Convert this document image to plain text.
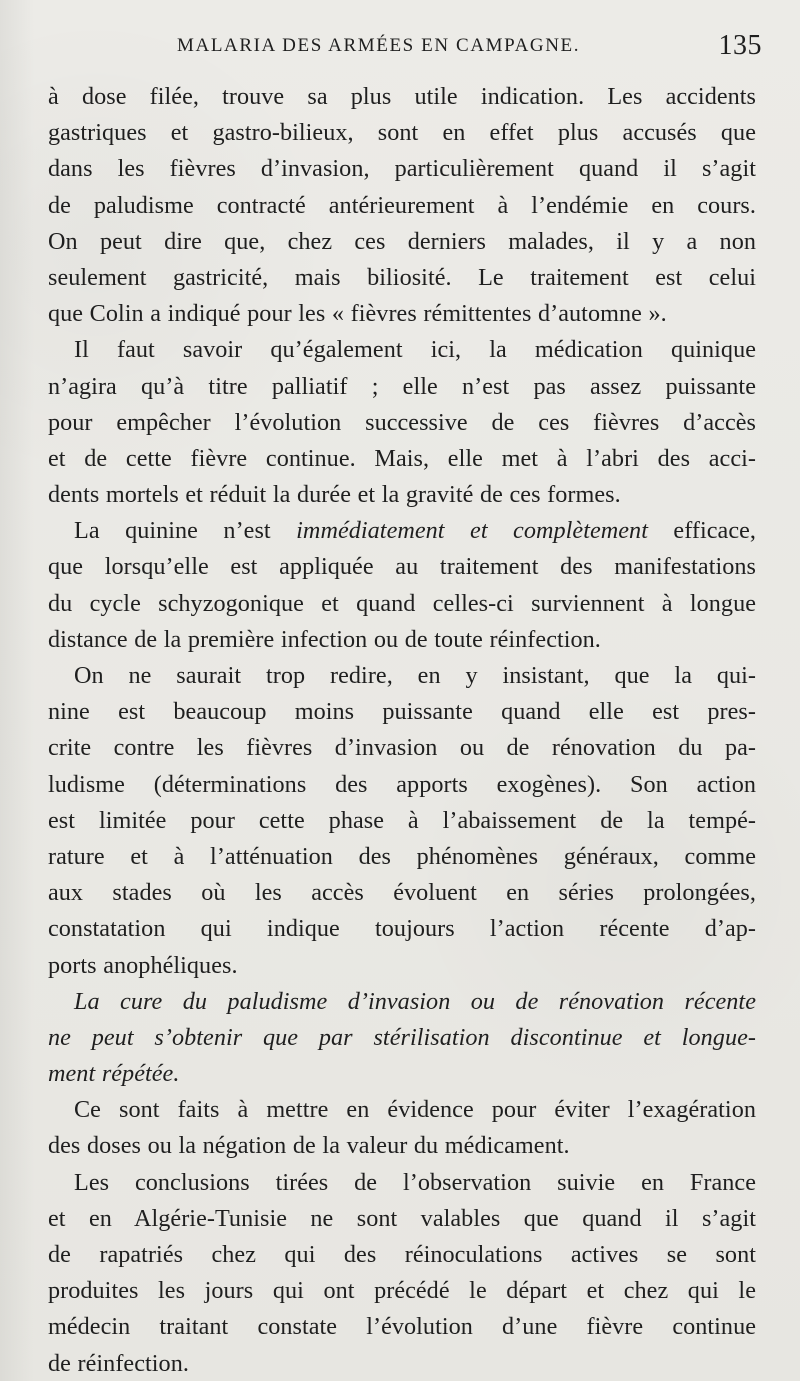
MALARIA DES ARMÉES EN CAMPAGNE.	135
à dose filée, trouve sa plus utile indication. Les accidents
gastriques et gastro-bilieux, sont en effet plus accusés que
dans les fièvres d’invasion, particulièrement quand il s’agit
de paludisme contracté antérieurement à l’endémie en cours.
On peut dire que, chez ces derniers malades, il y a non
seulement gastricité, mais biliosité. Le traitement est celui
que Colin a indiqué pour les « fièvres rémittentes d’automne ».
Il faut savoir qu’également ici, la médication quinique
n’agira qu’à titre palliatif ; elle n’est pas assez puissante
pour empêcher l’évolution successive de ces fièvres d’accès
et de cette fièvre continue. Mais, elle met à l’abri des acci-
dents mortels et réduit la durée et la gravité de ces formes.
La quinine n’est immédiatement et complètement efficace,
que lorsqu’elle est appliquée au traitement des manifestations
du cycle schyzogonique et quand celles-ci surviennent à longue
distance de la première infection ou de toute réinfection.
On ne saurait trop redire, en y insistant, que la qui-
nine est beaucoup moins puissante quand elle est pres-
crite contre les fièvres d’invasion ou de rénovation du pa-
ludisme (déterminations des apports exogènes). Son action
est limitée pour cette phase à l’abaissement de la tempé-
rature et à l’atténuation des phénomènes généraux, comme
aux stades où les accès évoluent en séries prolongées,
constatation qui indique toujours l’action récente d’ap-
ports anophéliques.
La cure du paludisme d’invasion ou de rénovation récente
ne peut s’obtenir que par stérilisation discontinue et longue-
ment répétée.
Ce sont faits à mettre en évidence pour éviter l’exagération
des doses ou la négation de la valeur du médicament.
Les conclusions tirées de l’observation suivie en France
et en Algérie-Tunisie ne sont valables que quand il s’agit
de rapatriés chez qui des réinoculations actives se sont
produites les jours qui ont précédé le départ et chez qui le
médecin traitant constate l’évolution d’une fièvre continue
de réinfection.
